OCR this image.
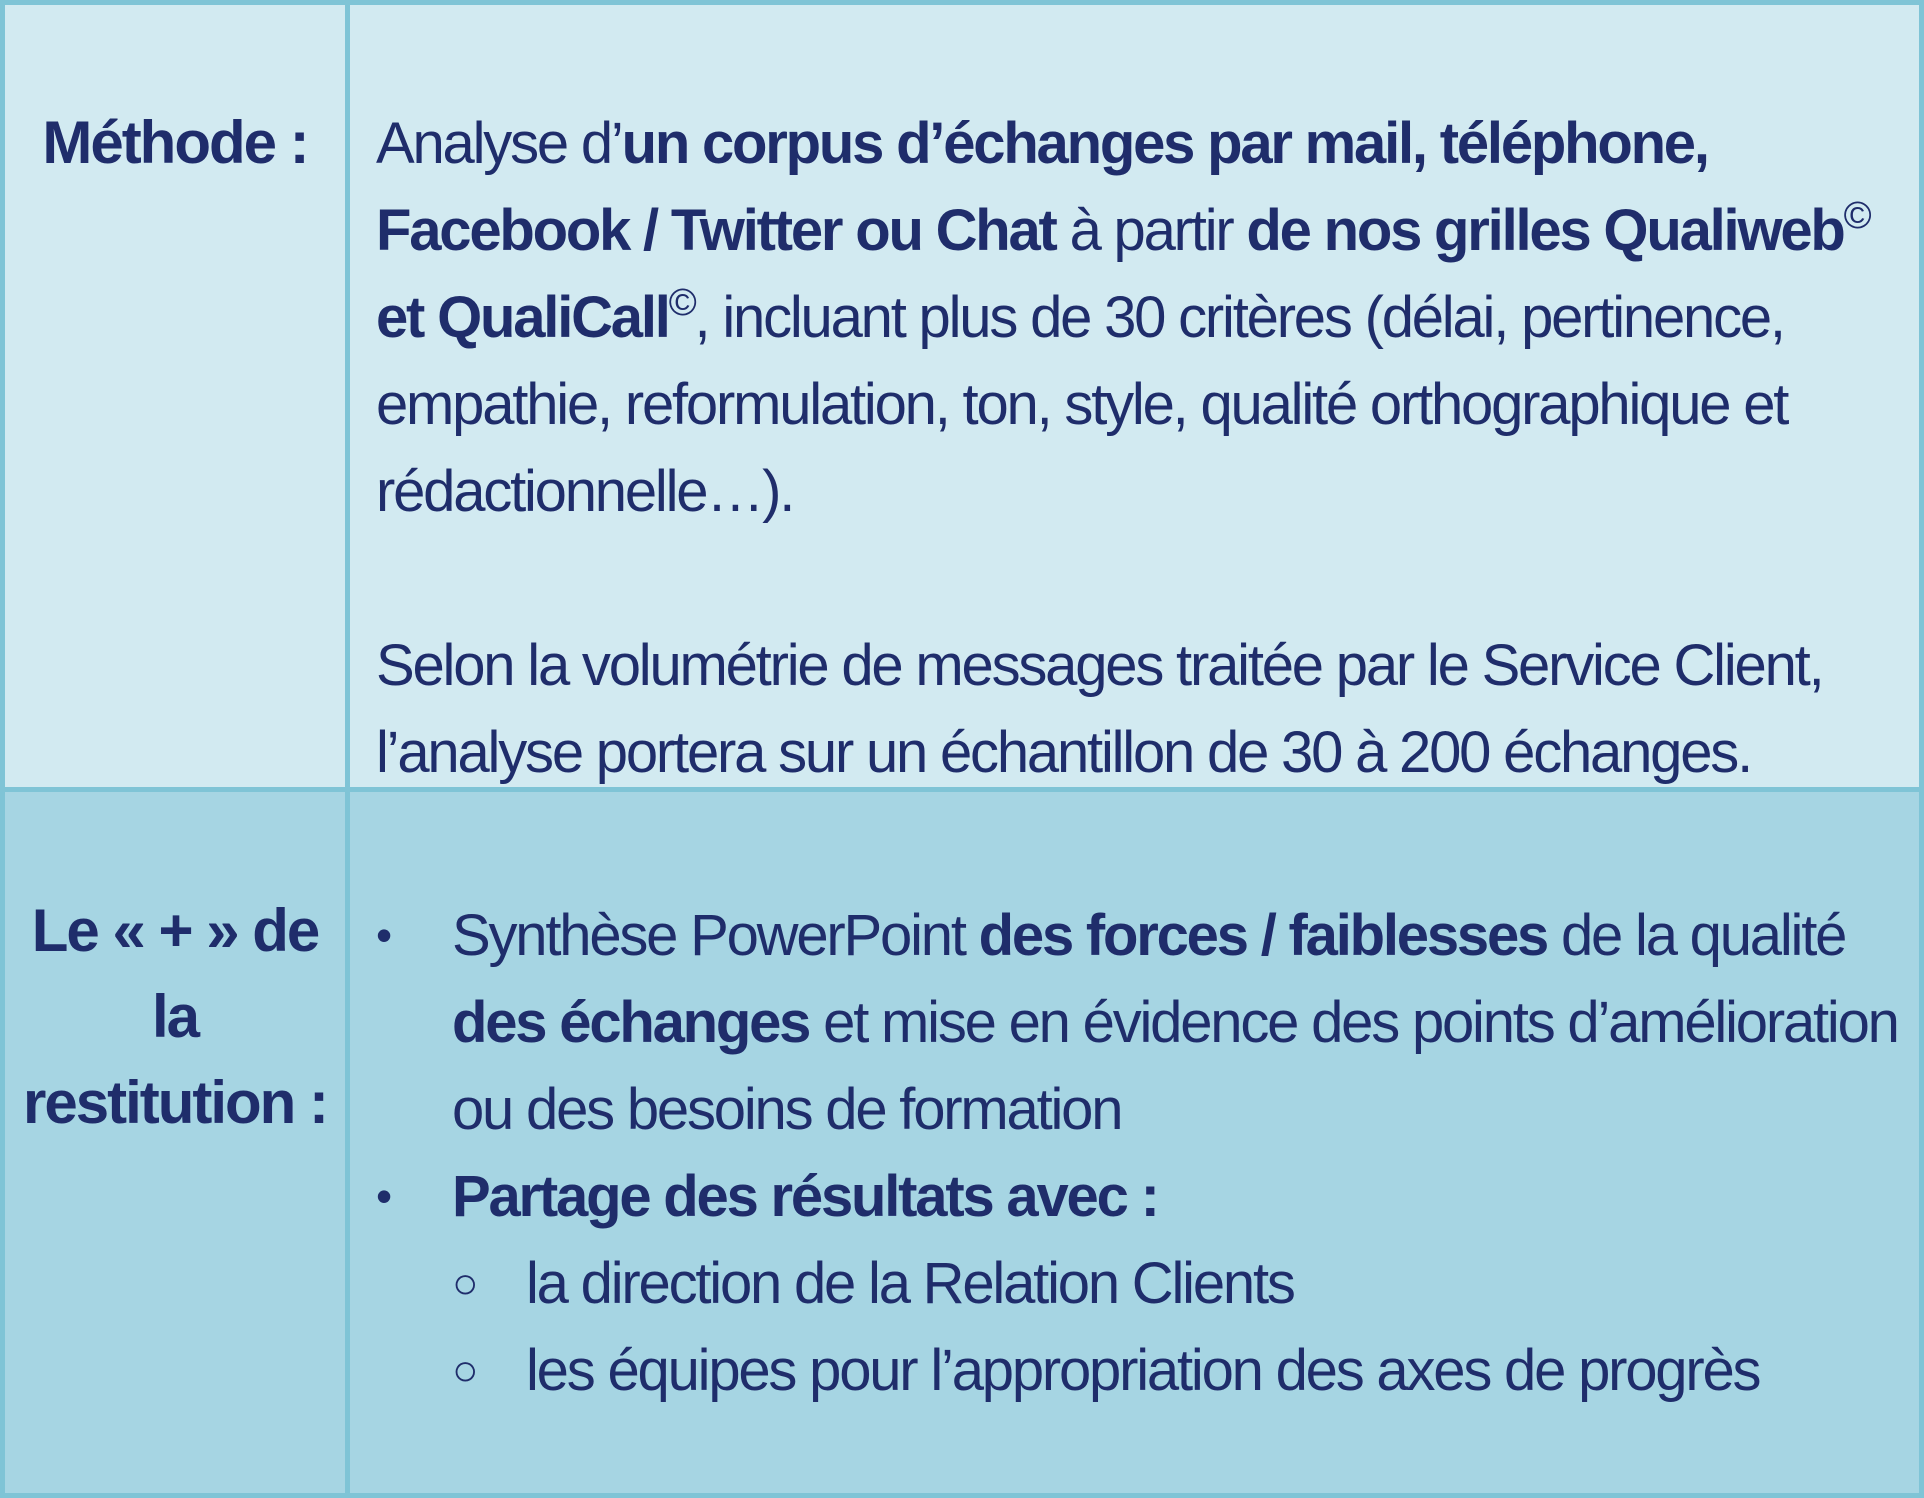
Méthode :	Analyse d’un corpus d’échanges par mail, téléphone, Facebook / Twitter ou Chat à partir de nos grilles Qualiweb© et QualiCall©, incluant plus de 30 critères (délai, pertinence, empathie, reformulation, ton, style, qualité orthographique et rédactionnelle…).

Selon la volumétrie de messages traitée par le Service Client, l’analyse portera sur un échantillon de 30 à 200 échanges.

Le « + » de la
restitution :
• Synthèse PowerPoint des forces / faiblesses de la qualité des échanges et mise en évidence des points d’amélioration ou des besoins de formation
• Partage des résultats avec :
○ la direction de la Relation Clients
○ les équipes pour l’appropriation des axes de progrès
